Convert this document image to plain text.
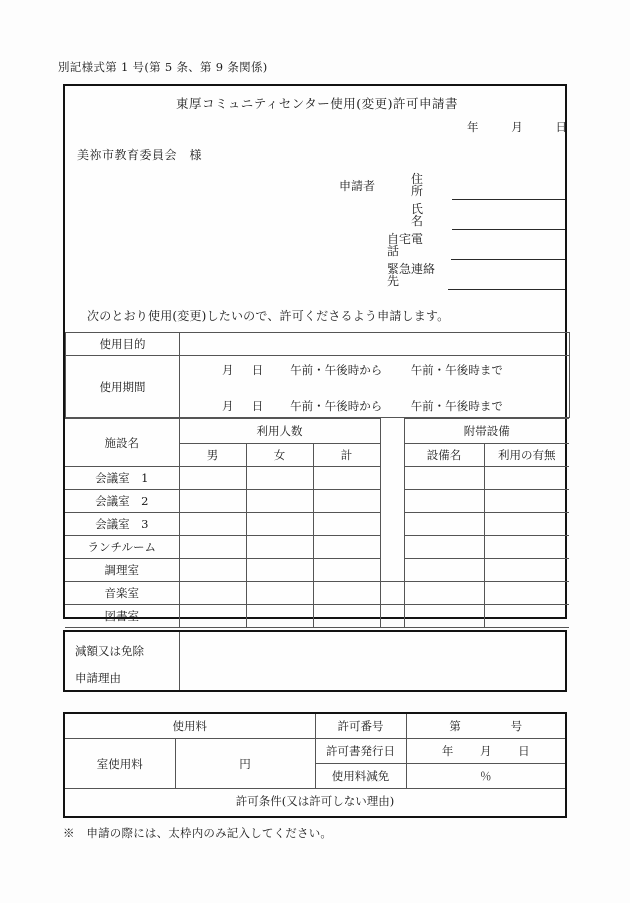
別記様式第 1 号(第 5 条、第 9 条関係)
東厚コミュニティセンター使用(変更)許可申請書
年	月	日
美祢市教育委員会　様
申請者	住所
氏名
自宅電話
緊急連絡先
次のとおり使用(変更)したいので、許可くださるよう申請します。
使用目的	
使用期間	
月	日	午前・午後 時から	午前・午後 時まで
月	日	午前・午後 時から	午前・午後 時まで
施設名	利用人数				附帯設備	
	男	女	計		設備名	利用の有無
会議室　1						
会議室　2						
会議室　3						
ランチルーム						
調理室						
音楽室						
図書室						
減額又は免除
申請理由
使用料		許可番号	第 号

室使用料	円	許可書発行日	年 月 日

		使用料減免	％
許可条件(又は許可しない理由)			
※　申請の際には、太枠内のみ記入してください。
